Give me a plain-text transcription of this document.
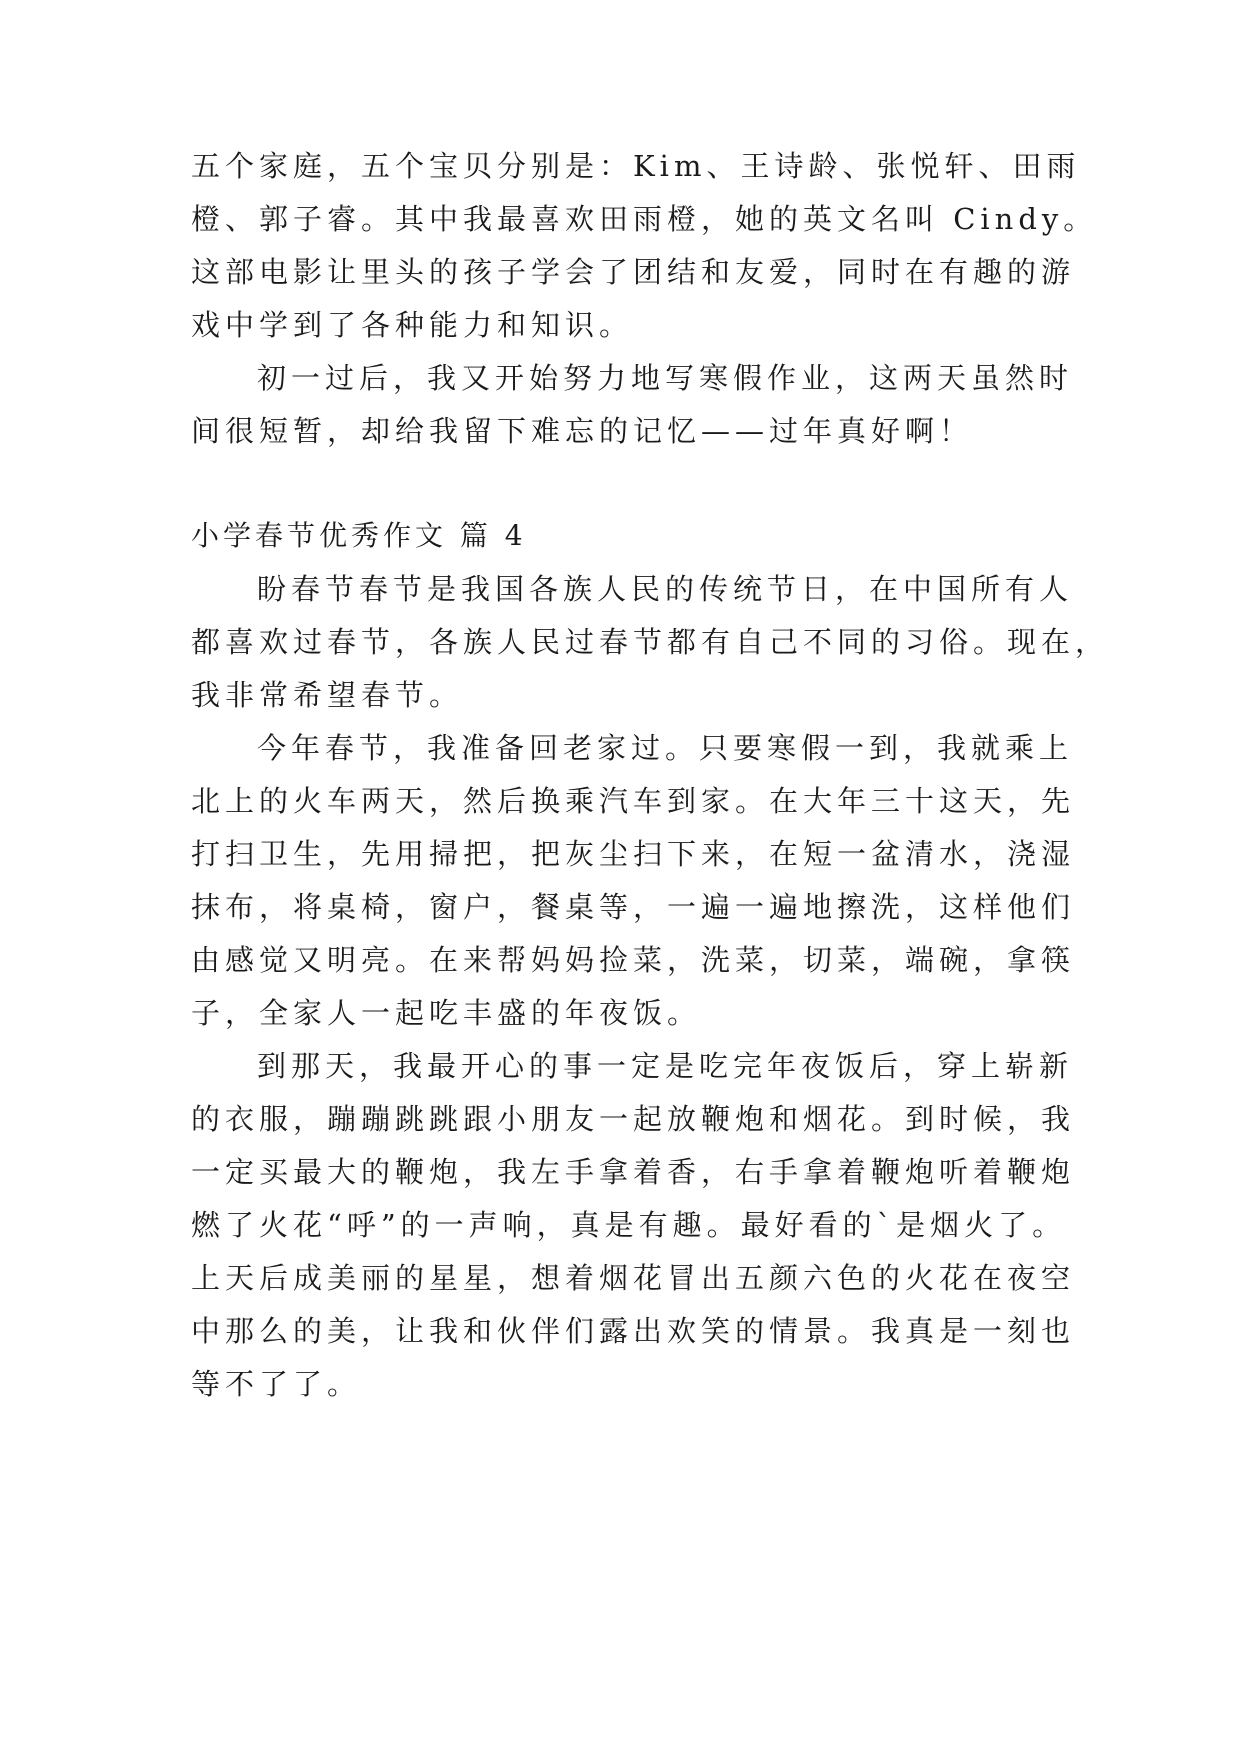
五个家庭，五个宝贝分别是：Kim、王诗龄、张悦轩、田雨
橙、郭子睿。其中我最喜欢田雨橙，她的英文名叫 Cindy。
这部电影让里头的孩子学会了团结和友爱，同时在有趣的游
戏中学到了各种能力和知识。
初一过后，我又开始努力地写寒假作业，这两天虽然时
间很短暂，却给我留下难忘的记忆——过年真好啊！
小学春节优秀作文 篇 4
盼春节春节是我国各族人民的传统节日，在中国所有人
都喜欢过春节，各族人民过春节都有自己不同的习俗。现在，
我非常希望春节。
今年春节，我准备回老家过。只要寒假一到，我就乘上
北上的火车两天，然后换乘汽车到家。在大年三十这天，先
打扫卫生，先用掃把，把灰尘扫下来，在短一盆清水，浇湿
抹布，将桌椅，窗户，餐桌等，一遍一遍地擦洗，这样他们
由感觉又明亮。在来帮妈妈捡菜，洗菜，切菜，端碗，拿筷
子，全家人一起吃丰盛的年夜饭。
到那天，我最开心的事一定是吃完年夜饭后，穿上崭新
的衣服，蹦蹦跳跳跟小朋友一起放鞭炮和烟花。到时候，我
一定买最大的鞭炮，我左手拿着香，右手拿着鞭炮听着鞭炮
燃了火花“呼”的一声响，真是有趣。最好看的`是烟火了。
上天后成美丽的星星，想着烟花冒出五颜六色的火花在夜空
中那么的美，让我和伙伴们露出欢笑的情景。我真是一刻也
等不了了。
